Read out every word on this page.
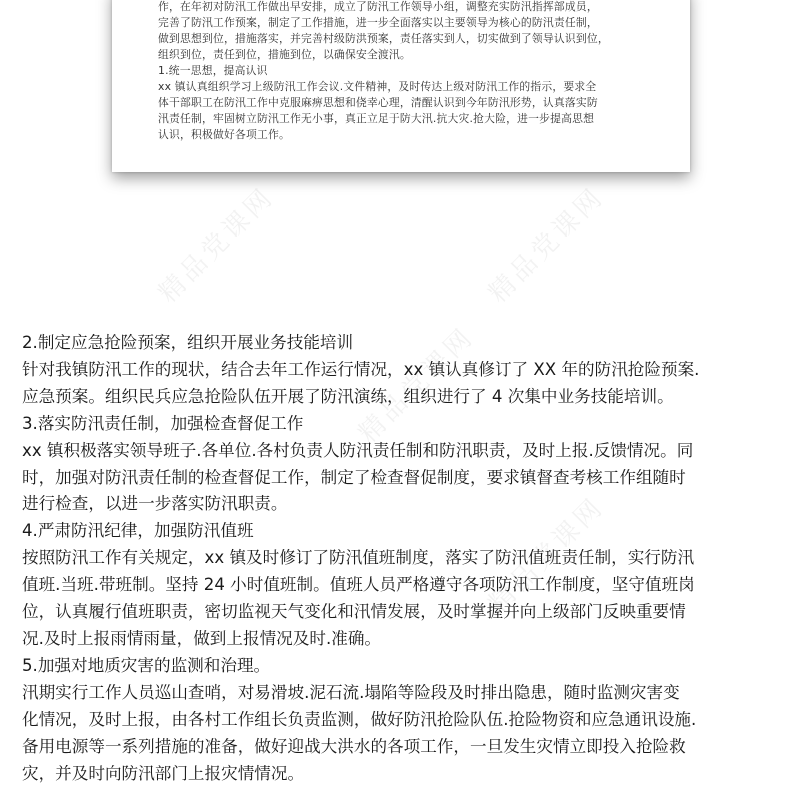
作，在年初对防汛工作做出早安排，成立了防汛工作领导小组，调整充实防汛指挥部成员，

完善了防汛工作预案，制定了工作措施，进一步全面落实以主要领导为核心的防汛责任制，

做到思想到位，措施落实，并完善村级防洪预案，责任落实到人，切实做到了领导认识到位，

组织到位，责任到位，措施到位，以确保安全渡汛。

1.统一思想，提高认识

xx 镇认真组织学习上级防汛工作会议.文件精神，及时传达上级对防汛工作的指示，要求全

体干部职工在防汛工作中克服麻痹思想和侥幸心理，清醒认识到今年防汛形势，认真落实防

汛责任制，牢固树立防汛工作无小事，真正立足于防大汛.抗大灾.抢大险，进一步提高思想

认识，积极做好各项工作。

精品党课网	精品党课网
精品党课网
精品党课网

2.制定应急抢险预案，组织开展业务技能培训

针对我镇防汛工作的现状，结合去年工作运行情况，xx 镇认真修订了 XX 年的防汛抢险预案.

应急预案。组织民兵应急抢险队伍开展了防汛演练，组织进行了 4 次集中业务技能培训。

3.落实防汛责任制，加强检查督促工作

xx 镇积极落实领导班子.各单位.各村负责人防汛责任制和防汛职责，及时上报.反馈情况。同

时，加强对防汛责任制的检查督促工作，制定了检查督促制度，要求镇督查考核工作组随时

进行检查，以进一步落实防汛职责。

4.严肃防汛纪律，加强防汛值班

按照防汛工作有关规定，xx 镇及时修订了防汛值班制度，落实了防汛值班责任制，实行防汛

值班.当班.带班制。坚持 24 小时值班制。值班人员严格遵守各项防汛工作制度，坚守值班岗

位，认真履行值班职责，密切监视天气变化和汛情发展，及时掌握并向上级部门反映重要情

况.及时上报雨情雨量，做到上报情况及时.准确。

5.加强对地质灾害的监测和治理。

汛期实行工作人员巡山查哨，对易滑坡.泥石流.塌陷等险段及时排出隐患，随时监测灾害变

化情况，及时上报，由各村工作组长负责监测，做好防汛抢险队伍.抢险物资和应急通讯设施.

备用电源等一系列措施的准备，做好迎战大洪水的各项工作，一旦发生灾情立即投入抢险救

灾，并及时向防汛部门上报灾情情况。
